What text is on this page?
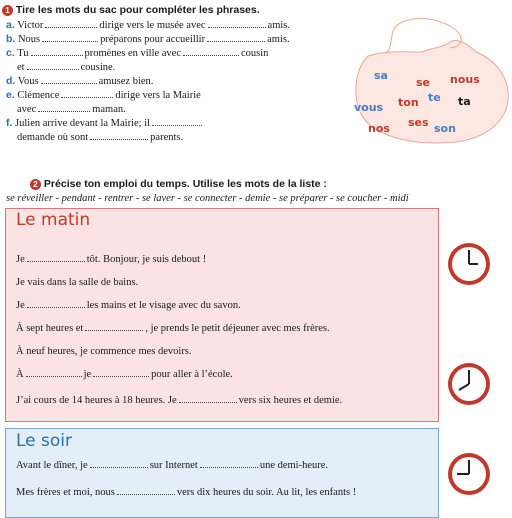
1 Tire les mots du sac pour compléter les phrases.
a. Victor	dirige vers le musée avec	amis.
b. Nous	préparons pour accueillir	amis.
c. Tu	promènes en ville avec	cousin
et	cousine.
d. Vous	amusez bien.
e. Clémence	dirige vers la Mairie
avec	maman.
f. Julien arrive devant la Mairie; il
demande où sont	parents.
sa
se nous
vous ton te ta
nos ses son
2 Précise ton emploi du temps. Utilise les mots de la liste :
se réveiller - pendant - rentrer - se laver - se connecter - demie - se préparer - se coucher - midi
Le matin
Je	tôt. Bonjour, je suis debout !
Je vais dans la salle de bains.
Je	les mains et le visage avec du savon.
À sept heures et	, je prends le petit déjeuner avec mes frères.
À neuf heures, je commence mes devoirs.
À	je	pour aller à l’école.
J’ai cours de 14 heures à 18 heures. Je	vers six heures et demie.
Le soir
Avant le dîner, je	sur Internet	une demi-heure.
Mes frères et moi, nous	vers dix heures du soir. Au lit, les enfants !
